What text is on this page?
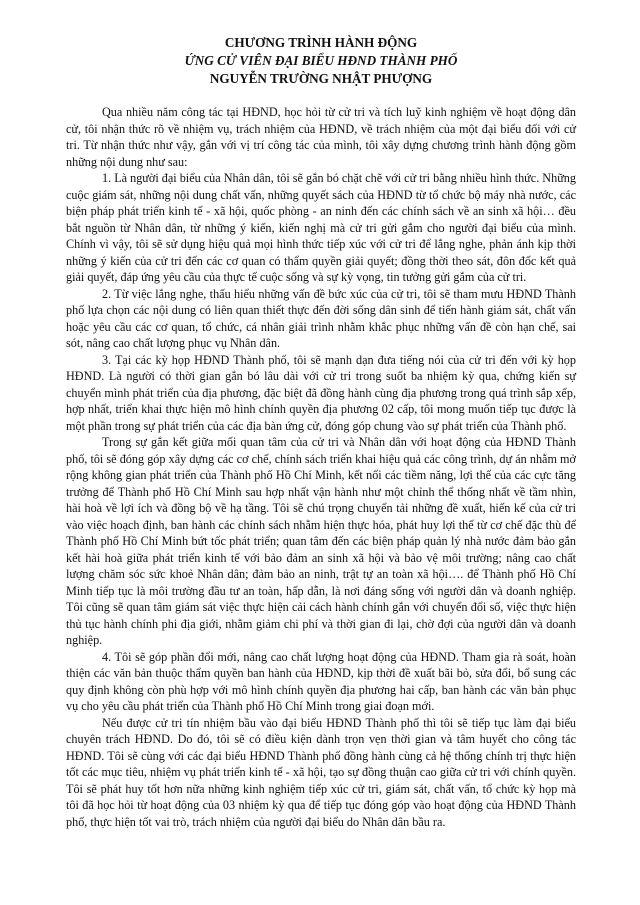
CHƯƠNG TRÌNH HÀNH ĐỘNG
ỨNG CỬ VIÊN ĐẠI BIỂU HĐND THÀNH PHỐ
NGUYỄN TRƯỜNG NHẬT PHƯỢNG

Qua nhiều năm công tác tại HĐND, học hỏi từ cử tri và tích luỹ kinh nghiệm về hoạt động dân cử, tôi nhận thức rõ về nhiệm vụ, trách nhiệm của HĐND, về trách nhiệm của một đại biểu đối với cử tri. Từ nhận thức như vậy, gắn với vị trí công tác của mình, tôi xây dựng chương trình hành động gồm những nội dung như sau:

1. Là người đại biểu của Nhân dân, tôi sẽ gắn bó chặt chẽ với cử tri bằng nhiều hình thức. Những cuộc giám sát, những nội dung chất vấn, những quyết sách của HĐND từ tổ chức bộ máy nhà nước, các biện pháp phát triển kinh tế - xã hội, quốc phòng - an ninh đến các chính sách về an sinh xã hội… đều bắt nguồn từ Nhân dân, từ những ý kiến, kiến nghị mà cử tri gửi gắm cho người đại biểu của mình. Chính vì vậy, tôi sẽ sử dụng hiệu quả mọi hình thức tiếp xúc với cử tri để lắng nghe, phản ánh kịp thời những ý kiến của cử tri đến các cơ quan có thẩm quyền giải quyết; đồng thời theo sát, đôn đốc kết quả giải quyết, đáp ứng yêu cầu của thực tế cuộc sống và sự kỳ vọng, tin tưởng gửi gắm của cử tri.

2. Từ việc lắng nghe, thấu hiểu những vấn đề bức xúc của cử tri, tôi sẽ tham mưu HĐND Thành phố lựa chọn các nội dung có liên quan thiết thực đến đời sống dân sinh để tiến hành giám sát, chất vấn hoặc yêu cầu các cơ quan, tổ chức, cá nhân giải trình nhằm khắc phục những vấn đề còn hạn chế, sai sót, nâng cao chất lượng phục vụ Nhân dân.

3. Tại các kỳ họp HĐND Thành phố, tôi sẽ mạnh dạn đưa tiếng nói của cử tri đến với kỳ họp HĐND. Là người có thời gian gắn bó lâu dài với cử tri trong suốt ba nhiệm kỳ qua, chứng kiến sự chuyển mình phát triển của địa phương, đặc biệt đã đồng hành cùng địa phương trong quá trình sắp xếp, hợp nhất, triển khai thực hiện mô hình chính quyền địa phương 02 cấp, tôi mong muốn tiếp tục được là một phần trong sự phát triển của các địa bàn ứng cử, đóng góp chung vào sự phát triển của Thành phố.

Trong sự gắn kết giữa mối quan tâm của cử tri và Nhân dân với hoạt động của HĐND Thành phố, tôi sẽ đóng góp xây dựng các cơ chế, chính sách triển khai hiệu quả các công trình, dự án nhằm mở rộng không gian phát triển của Thành phố Hồ Chí Minh, kết nối các tiềm năng, lợi thế của các cực tăng trưởng để Thành phố Hồ Chí Minh sau hợp nhất vận hành như một chỉnh thể thống nhất về tầm nhìn, hài hoà về lợi ích và đồng bộ về hạ tầng. Tôi sẽ chú trọng chuyển tải những đề xuất, hiến kế của cử tri vào việc hoạch định, ban hành các chính sách nhằm hiện thực hóa, phát huy lợi thế từ cơ chế đặc thù để Thành phố Hồ Chí Minh bứt tốc phát triển; quan tâm đến các biện pháp quản lý nhà nước đảm bảo gắn kết hài hoà giữa phát triển kinh tế với bảo đảm an sinh xã hội và bảo vệ môi trường; nâng cao chất lượng chăm sóc sức khoẻ Nhân dân; đảm bảo an ninh, trật tự an toàn xã hội…. để Thành phố Hồ Chí Minh tiếp tục là môi trường đầu tư an toàn, hấp dẫn, là nơi đáng sống với người dân và doanh nghiệp. Tôi cũng sẽ quan tâm giám sát việc thực hiện cải cách hành chính gắn với chuyển đổi số, việc thực hiện thủ tục hành chính phi địa giới, nhằm giảm chi phí và thời gian đi lại, chờ đợi của người dân và doanh nghiệp.

4. Tôi sẽ góp phần đổi mới, nâng cao chất lượng hoạt động của HĐND. Tham gia rà soát, hoàn thiện các văn bản thuộc thẩm quyền ban hành của HĐND, kịp thời đề xuất bãi bỏ, sửa đổi, bổ sung các quy định không còn phù hợp với mô hình chính quyền địa phương hai cấp, ban hành các văn bản phục vụ cho yêu cầu phát triển của Thành phố Hồ Chí Minh trong giai đoạn mới.

Nếu được cử tri tín nhiệm bầu vào đại biểu HĐND Thành phố thì tôi sẽ tiếp tục làm đại biểu chuyên trách HĐND. Do đó, tôi sẽ có điều kiện dành trọn vẹn thời gian và tâm huyết cho công tác HĐND. Tôi sẽ cùng với các đại biểu HĐND Thành phố đồng hành cùng cả hệ thống chính trị thực hiện tốt các mục tiêu, nhiệm vụ phát triển kinh tế - xã hội, tạo sự đồng thuận cao giữa cử tri với chính quyền. Tôi sẽ phát huy tốt hơn nữa những kinh nghiệm tiếp xúc cử tri, giám sát, chất vấn, tổ chức kỳ họp mà tôi đã học hỏi từ hoạt động của 03 nhiệm kỳ qua để tiếp tục đóng góp vào hoạt động của HĐND Thành phố, thực hiện tốt vai trò, trách nhiệm của người đại biểu do Nhân dân bầu ra.
